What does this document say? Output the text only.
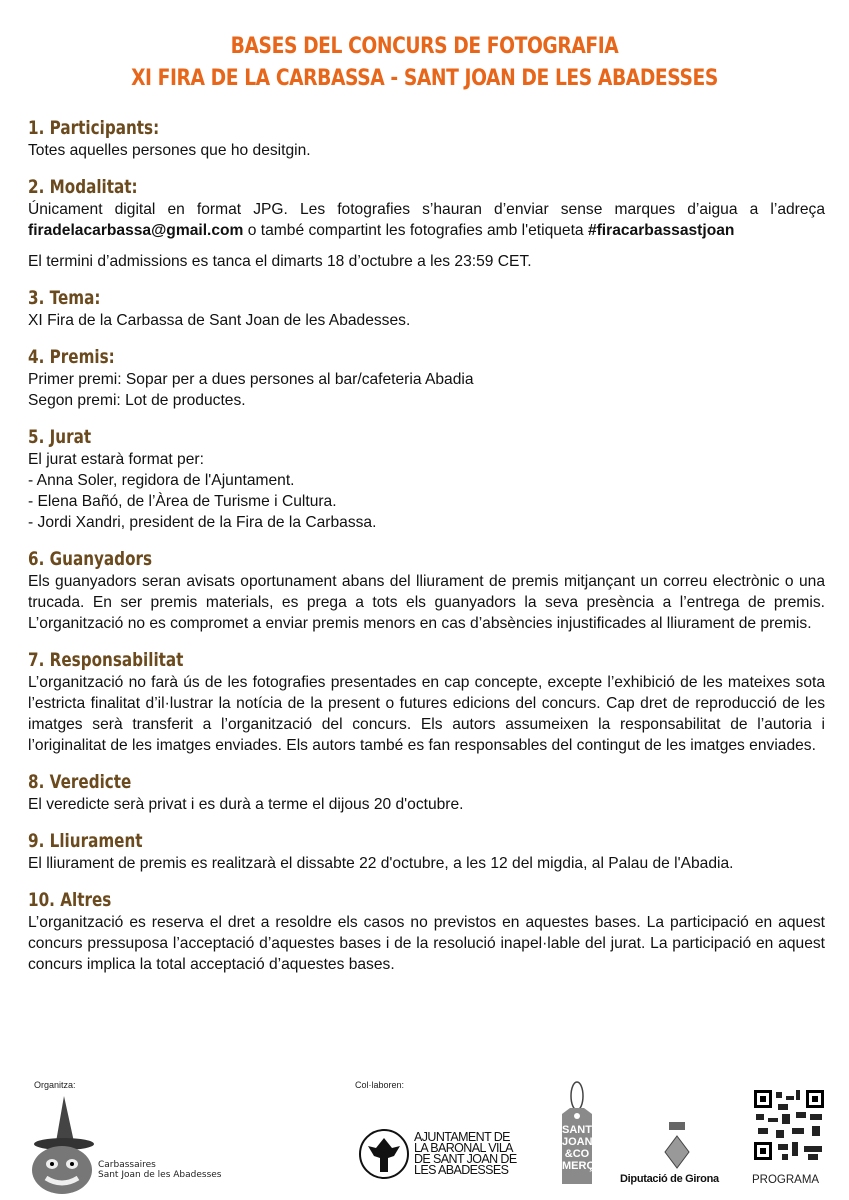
BASES DEL CONCURS DE FOTOGRAFIA
XI FIRA DE LA CARBASSA - SANT JOAN DE LES ABADESSES
1. Participants:
Totes aquelles persones que ho desitgin.
2. Modalitat:
Únicament digital en format JPG. Les fotografies s’hauran d’enviar sense marques d’aigua a l’adreça firadelacarbassa@gmail.com o també compartint les fotografies amb l'etiqueta #firacarbassastjoan
El termini d’admissions es tanca el dimarts 18 d’octubre a les 23:59 CET.
3. Tema:
XI Fira de la Carbassa de Sant Joan de les Abadesses.
4. Premis:
Primer premi: Sopar per a dues persones al bar/cafeteria Abadia
Segon premi: Lot de productes.
5. Jurat
El jurat estarà format per:
- Anna Soler, regidora de l'Ajuntament.
- Elena Bañó, de l’Àrea de Turisme i Cultura.
- Jordi Xandri, president de la Fira de la Carbassa.
6. Guanyadors
Els guanyadors seran avisats oportunament abans del lliurament de premis mitjançant un correu electrònic o una trucada. En ser premis materials, es prega a tots els guanyadors la seva presència a l’entrega de premis. L’organització no es compromet a enviar premis menors en cas d’absències injustificades al lliurament de premis.
7. Responsabilitat
L’organització no farà ús de les fotografies presentades en cap concepte, excepte l’exhibició de les mateixes sota l’estricta finalitat d’il·lustrar la notícia de la present o futures edicions del concurs. Cap dret de reproducció de les imatges serà transferit a l’organització del concurs. Els autors assumeixen la responsabilitat de l’autoria i l’originalitat de les imatges enviades. Els autors també es fan responsables del contingut de les imatges enviades.
8. Veredicte
El veredicte serà privat i es durà a terme el dijous 20 d'octubre.
9. Lliurament
El lliurament de premis es realitzarà el dissabte 22 d'octubre, a les 12 del migdia, al Palau de l'Abadia.
10. Altres
L’organització es reserva el dret a resoldre els casos no previstos en aquestes bases. La participació en aquest concurs pressuposa l’acceptació d’aquestes bases i de la resolució inapel·lable del jurat. La participació en aquest concurs implica la total acceptació d’aquestes bases.
Organitza:
Carbassaires
Sant Joan de les Abadesses
Col·laboren:
AJUNTAMENT DE
LA BARONAL VILA
DE SANT JOAN DE
LES ABADESSES
SANT
JOAN
&CO
MERÇ
Diputació de Girona	PROGRAMA
